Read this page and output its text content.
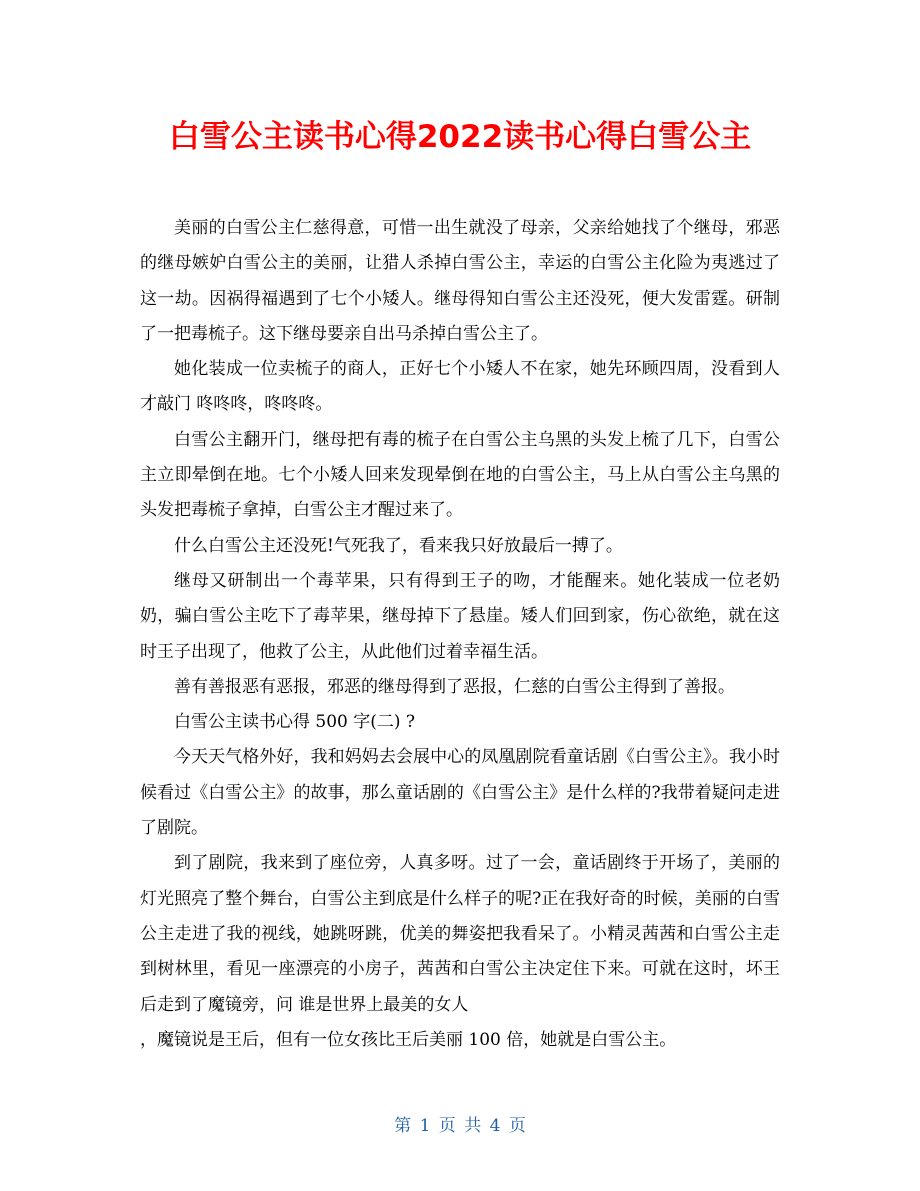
白雪公主读书心得2022读书心得白雪公主

美丽的白雪公主仁慈得意，可惜一出生就没了母亲，父亲给她找了个继母，邪恶的继母嫉妒白雪公主的美丽，让猎人杀掉白雪公主，幸运的白雪公主化险为夷逃过了这一劫。因祸得福遇到了七个小矮人。继母得知白雪公主还没死，便大发雷霆。研制了一把毒梳子。这下继母要亲自出马杀掉白雪公主了。

她化装成一位卖梳子的商人，正好七个小矮人不在家，她先环顾四周，没看到人才敲门 咚咚咚，咚咚咚。

白雪公主翻开门，继母把有毒的梳子在白雪公主乌黑的头发上梳了几下，白雪公主立即晕倒在地。七个小矮人回来发现晕倒在地的白雪公主，马上从白雪公主乌黑的头发把毒梳子拿掉，白雪公主才醒过来了。

什么白雪公主还没死!气死我了，看来我只好放最后一搏了。

继母又研制出一个毒苹果，只有得到王子的吻，才能醒来。她化装成一位老奶奶，骗白雪公主吃下了毒苹果，继母掉下了悬崖。矮人们回到家，伤心欲绝，就在这时王子出现了，他救了公主，从此他们过着幸福生活。

善有善报恶有恶报，邪恶的继母得到了恶报，仁慈的白雪公主得到了善报。

白雪公主读书心得 500 字(二) ?

今天天气格外好，我和妈妈去会展中心的凤凰剧院看童话剧《白雪公主》。我小时候看过《白雪公主》的故事，那么童话剧的《白雪公主》是什么样的?我带着疑问走进了剧院。

到了剧院，我来到了座位旁，人真多呀。过了一会，童话剧终于开场了，美丽的灯光照亮了整个舞台，白雪公主到底是什么样子的呢?正在我好奇的时候，美丽的白雪公主走进了我的视线，她跳呀跳，优美的舞姿把我看呆了。小精灵茜茜和白雪公主走到树林里，看见一座漂亮的小房子，茜茜和白雪公主决定住下来。可就在这时，坏王后走到了魔镜旁，问 谁是世界上最美的女人

，魔镜说是王后，但有一位女孩比王后美丽 100 倍，她就是白雪公主。

第 1 页 共 4 页
